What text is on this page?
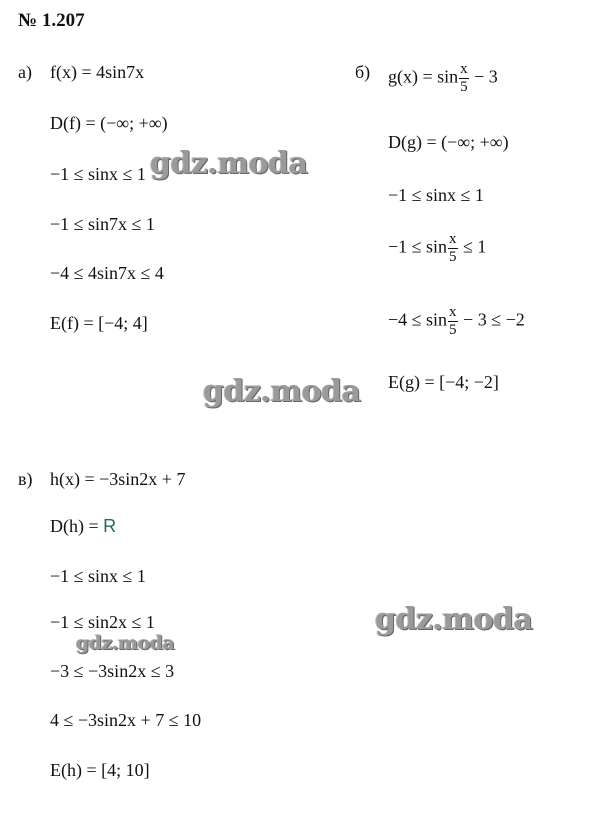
№ 1.207
а) f(x) = 4sin7x
D(f) = (−∞; +∞)
−1 ≤ sinx ≤ 1
−1 ≤ sin7x ≤ 1
−4 ≤ 4sin7x ≤ 4
E(f) = [−4; 4]
б) $g(x) = \sin \frac{x}{5} - 3$
D(g) = (−∞; +∞)
−1 ≤ sinx ≤ 1
$-1 \le \sin \frac{x}{5} \le 1$
$-4 \le \sin \frac{x}{5} - 3 \le -2$
E(g) = [−4; −2]
в) h(x) = −3sin2x + 7
D(h) = R
−1 ≤ sinx ≤ 1
−1 ≤ sin2x ≤ 1
−3 ≤ −3sin2x ≤ 3
4 ≤ −3sin2x + 7 ≤ 10
E(h) = [4; 10]
gdz.moda
gdz.moda
gdz.moda
gdz.moda
